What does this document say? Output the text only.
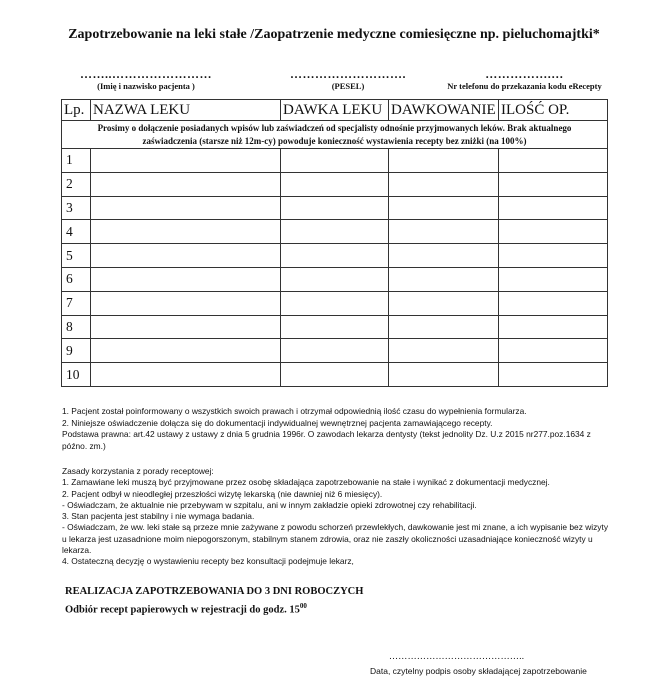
Zapotrzebowanie na leki stałe /Zaopatrzenie medyczne comiesięczne np. pieluchomajtki*
……..……………………
(Imię i nazwisko pacjenta )
……………………….
(PESEL)
…………….…
Nr telefonu do przekazania kodu eRecepty
Lp.	NAZWA LEKU	DAWKA LEKU	DAWKOWANIE	ILOŚĆ OP.
Prosimy o dołączenie posiadanych wpisów lub zaświadczeń od specjalisty odnośnie przyjmowanych leków. Brak aktualnego
zaświadczenia (starsze niż 12m-cy) powoduje konieczność wystawienia recepty bez zniżki (na 100%)				
1				
2				
3				
4				
5				
6				
7				
8				
9				
10				

1. Pacjent został poinformowany o wszystkich swoich prawach i otrzymał odpowiednią ilość czasu do wypełnienia formularza.

2. Niniejsze oświadczenie dołącza się do dokumentacji indywidualnej wewnętrznej pacjenta zamawiającego recepty.

Podstawa prawna: art.42 ustawy z ustawy z dnia 5 grudnia 1996r. O zawodach lekarza dentysty (tekst jednolity Dz. U.z 2015 nr277.poz.1634 z późno. zm.)

Zasady korzystania z porady receptowej:

1. Zamawiane leki muszą być przyjmowane przez osobę składająca zapotrzebowanie na stałe i wynikać z dokumentacji medycznej.

2. Pacjent odbył w nieodległej przeszłości wizytę lekarską (nie dawniej niż 6 miesięcy).

- Oświadczam, że aktualnie nie przebywam w szpitalu, ani w innym zakładzie opieki zdrowotnej czy rehabilitacji.

3. Stan pacjenta jest stabilny i nie wymaga badania.

- Oświadczam, że ww. leki stałe są przeze mnie zażywane z powodu schorzeń przewlekłych, dawkowanie jest mi znane, a ich wypisanie bez wizyty u lekarza jest uzasadnione moim niepogorszonym, stabilnym stanem zdrowia, oraz nie zaszły okoliczności uzasadniające konieczność wizyty u lekarza.

4. Ostateczną decyzję o wystawieniu recepty bez konsultacji podejmuje lekarz,

REALIZACJA ZAPOTRZEBOWANIA DO 3 DNI ROBOCZYCH
Odbiór recept papierowych w rejestracji do godz. $15^{00}$
……………………………………..
Data, czytelny podpis osoby składającej zapotrzebowanie
